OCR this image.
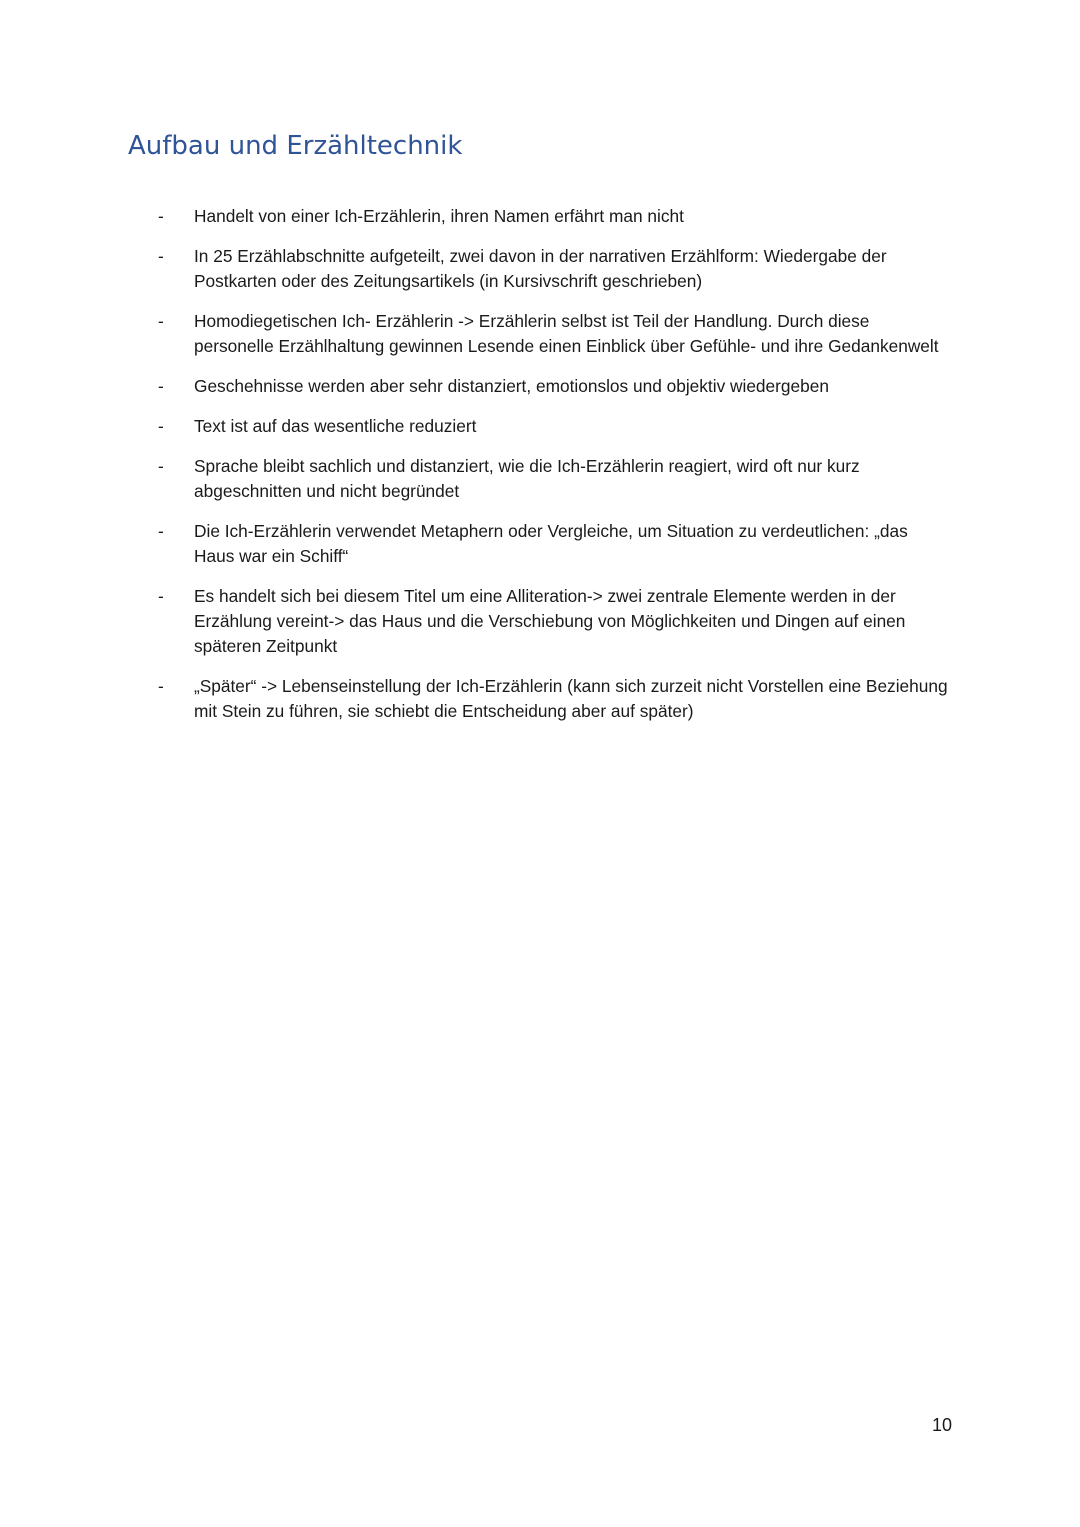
Aufbau und Erzähltechnik
-	Handelt von einer Ich-Erzählerin, ihren Namen erfährt man nicht
-	In 25 Erzählabschnitte aufgeteilt, zwei davon in der narrativen Erzählform: Wiedergabe der Postkarten oder des Zeitungsartikels (in Kursivschrift geschrieben)
-	Homodiegetischen Ich- Erzählerin -> Erzählerin selbst ist Teil der Handlung. Durch diese personelle Erzählhaltung gewinnen Lesende einen Einblick über Gefühle- und ihre Gedankenwelt
-	Geschehnisse werden aber sehr distanziert, emotionslos und objektiv wiedergeben
-	Text ist auf das wesentliche reduziert
-	Sprache bleibt sachlich und distanziert, wie die Ich-Erzählerin reagiert, wird oft nur kurz abgeschnitten und nicht begründet
-	Die Ich-Erzählerin verwendet Metaphern oder Vergleiche, um Situation zu verdeutlichen: „das Haus war ein Schiff“
-	Es handelt sich bei diesem Titel um eine Alliteration-> zwei zentrale Elemente werden in der Erzählung vereint-> das Haus und die Verschiebung von Möglichkeiten und Dingen auf einen späteren Zeitpunkt
-	„Später“ -> Lebenseinstellung der Ich-Erzählerin (kann sich zurzeit nicht Vorstellen eine Beziehung mit Stein zu führen, sie schiebt die Entscheidung aber auf später)
10
